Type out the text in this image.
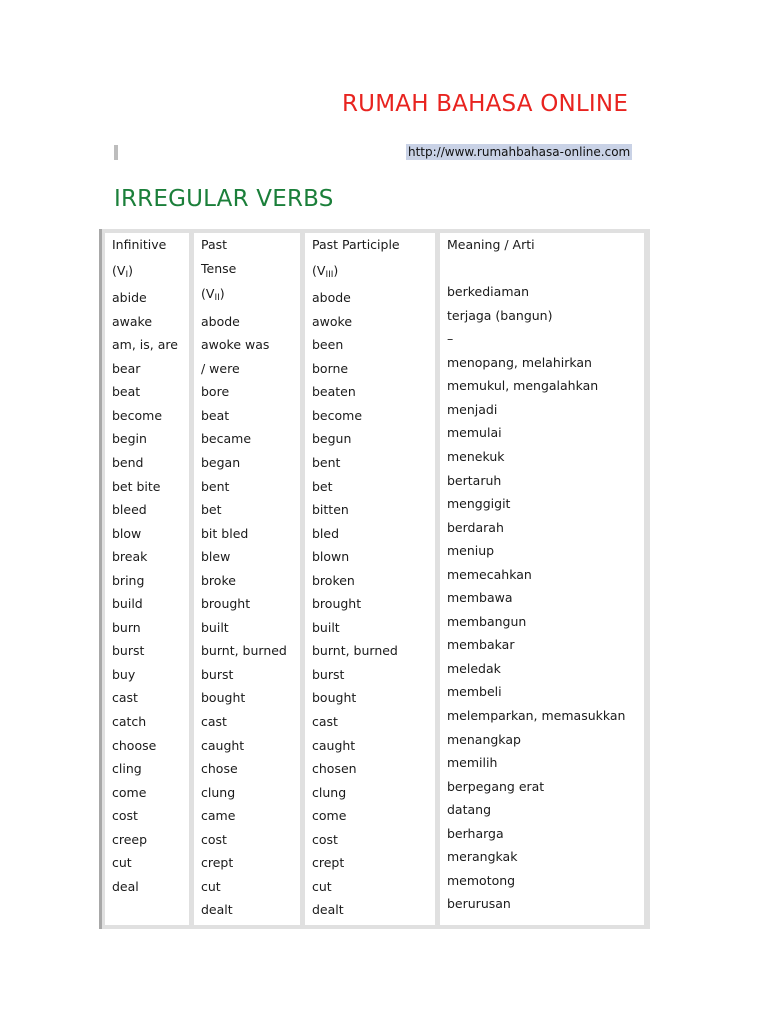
RUMAH BAHASA ONLINE
http://www.rumahbahasa-online.com
IRREGULAR VERBS
Infinitive
$(V_I)$
abide
awake
am, is, are
bear
beat
become
begin
bend
bet bite
bleed
blow
break
bring
build
burn
burst
buy
cast
catch
choose
cling
come
cost
creep
cut
deal
Past
Tense
$(V_{II})$
abode
awoke was
/ were
bore
beat
became
began
bent
bet
bit bled
blew
broke
brought
built
burnt, burned
burst
bought
cast
caught
chose
clung
came
cost
crept
cut
dealt
Past Participle
$(V_{III})$
abode
awoke
been
borne
beaten
become
begun
bent
bet
bitten
bled
blown
broken
brought
built
burnt, burned
burst
bought
cast
caught
chosen
clung
come
cost
crept
cut
dealt
Meaning / Arti
berkediaman
terjaga (bangun)
–
menopang, melahirkan
memukul, mengalahkan
menjadi
memulai
menekuk
bertaruh
menggigit
berdarah
meniup
memecahkan
membawa
membangun
membakar
meledak
membeli
melemparkan, memasukkan
menangkap
memilih
berpegang erat
datang
berharga
merangkak
memotong
berurusan
